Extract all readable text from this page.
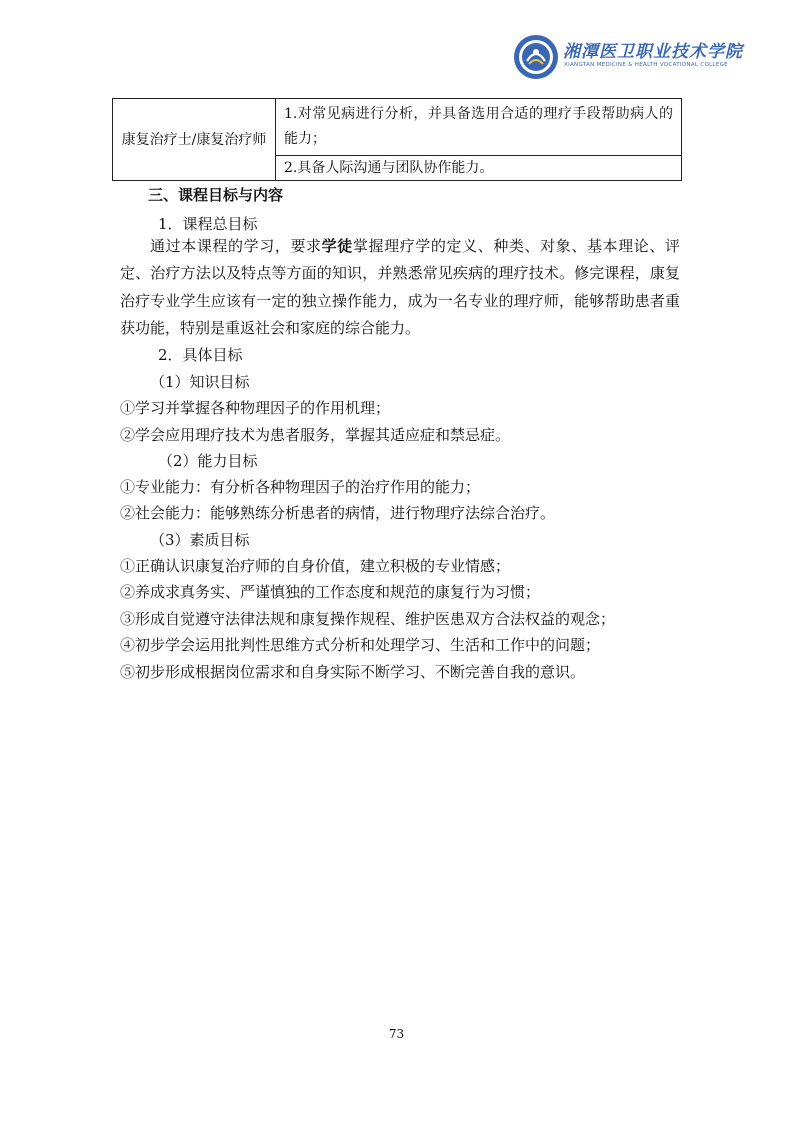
湘潭医卫职业技术学院
XIANGTAN MEDICINE & HEALTH VOCATIONAL COLLEGE
康复治疗士/康复治疗师	1.对常见病进行分析，并具备选用合适的理疗手段帮助病人的能力；
2.具备人际沟通与团队协作能力。
三、课程目标与内容
1．课程总目标
通过本课程的学习，要求学徒掌握理疗学的定义、种类、对象、基本理论、评定、治疗方法以及特点等方面的知识，并熟悉常见疾病的理疗技术。修完课程，康复治疗专业学生应该有一定的独立操作能力，成为一名专业的理疗师，能够帮助患者重获功能，特别是重返社会和家庭的综合能力。
2．具体目标
（1）知识目标
①学习并掌握各种物理因子的作用机理；
②学会应用理疗技术为患者服务，掌握其适应症和禁忌症。
（2）能力目标
①专业能力：有分析各种物理因子的治疗作用的能力；
②社会能力：能够熟练分析患者的病情，进行物理疗法综合治疗。
（3）素质目标
①正确认识康复治疗师的自身价值，建立积极的专业情感；
②养成求真务实、严谨慎独的工作态度和规范的康复行为习惯；
③形成自觉遵守法律法规和康复操作规程、维护医患双方合法权益的观念；
④初步学会运用批判性思维方式分析和处理学习、生活和工作中的问题；
⑤初步形成根据岗位需求和自身实际不断学习、不断完善自我的意识。
73
